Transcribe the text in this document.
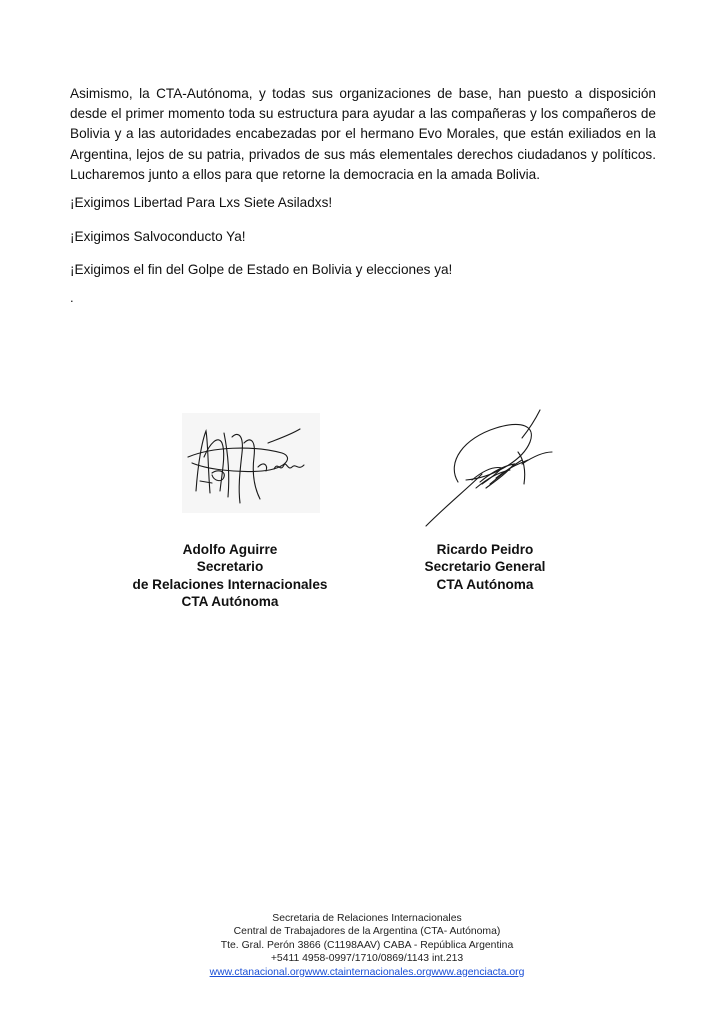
Asimismo, la CTA-Autónoma, y todas sus organizaciones de base, han puesto a disposición desde el primer momento toda su estructura para ayudar a las compañeras y los compañeros de Bolivia y a las autoridades encabezadas por el hermano Evo Morales, que están exiliados en la Argentina, lejos de su patria, privados de sus más elementales derechos ciudadanos y políticos. Lucharemos junto a ellos para que retorne la democracia en la amada Bolivia.

¡Exigimos Libertad Para Lxs Siete Asiladxs!

¡Exigimos Salvoconducto Ya!

¡Exigimos el fin del Golpe de Estado en Bolivia y elecciones ya!

.
Adolfo Aguirre
Secretario
de Relaciones Internacionales
CTA Autónoma
Ricardo Peidro
Secretario General
CTA Autónoma
Secretaria de Relaciones Internacionales
Central de Trabajadores de la Argentina (CTA- Autónoma)
Tte. Gral. Perón 3866 (C1198AAV) CABA - República Argentina
+5411 4958-0997/1710/0869/1143 int.213
www.ctanacional.orgwww.ctainternacionales.orgwww.agenciacta.org
